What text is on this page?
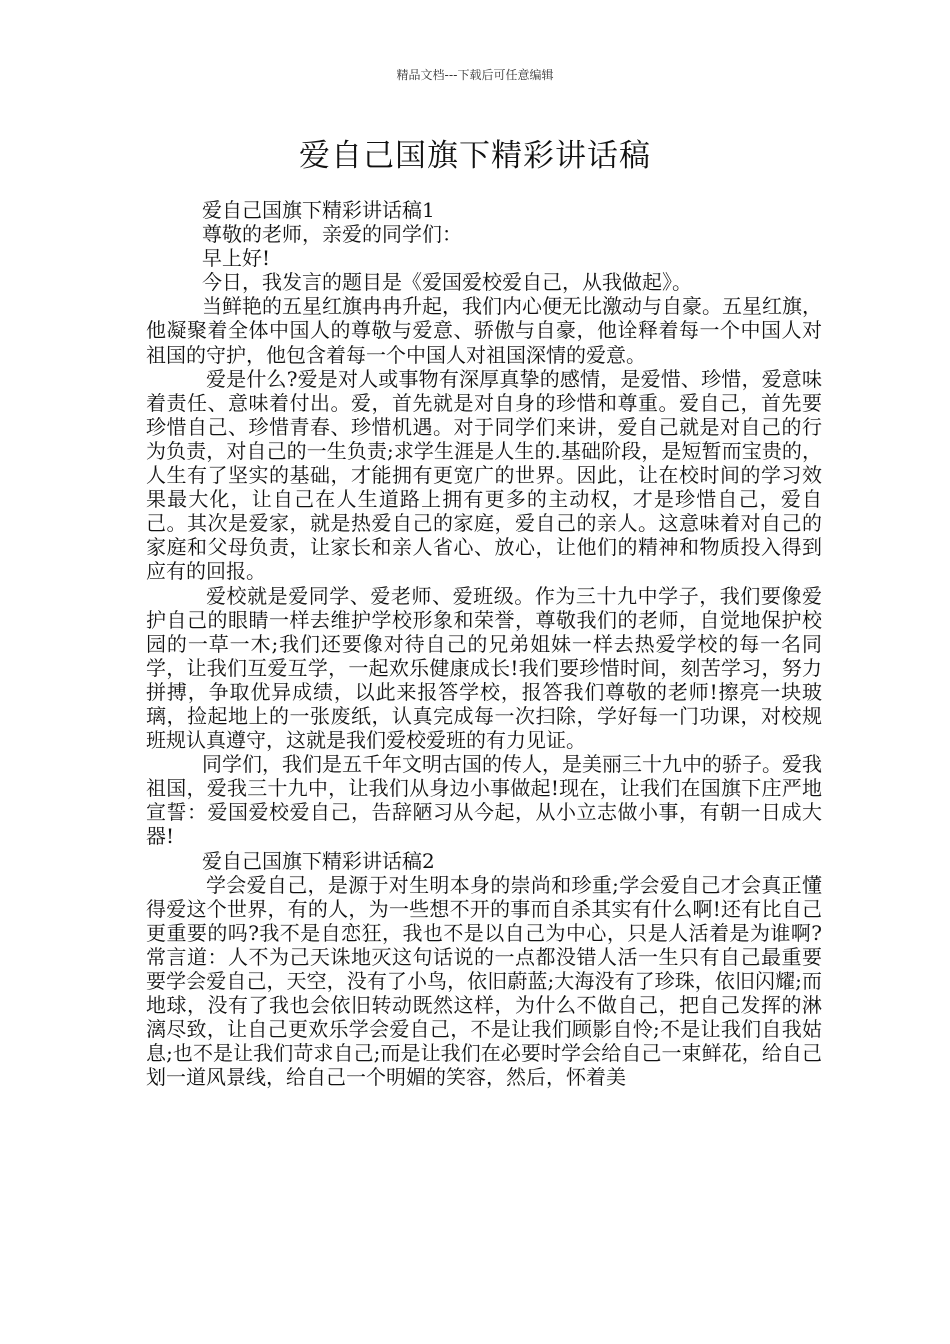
精品文档---下载后可任意编辑
爱自己国旗下精彩讲话稿

爱自己国旗下精彩讲话稿1

尊敬的老师，亲爱的同学们：

早上好!

今日，我发言的题目是《爱国爱校爱自己，从我做起》。

当鲜艳的五星红旗冉冉升起，我们内心便无比激动与自豪。五星红旗，他凝聚着全体中国人的尊敬与爱意、骄傲与自豪，他诠释着每一个中国人对祖国的守护，他包含着每一个中国人对祖国深情的爱意。

爱是什么?爱是对人或事物有深厚真挚的感情，是爱惜、珍惜，爱意味着责任、意味着付出。爱，首先就是对自身的珍惜和尊重。爱自己，首先要珍惜自己、珍惜青春、珍惜机遇。对于同学们来讲，爱自己就是对自己的行为负责，对自己的一生负责;求学生涯是人生的.基础阶段，是短暂而宝贵的，人生有了坚实的基础，才能拥有更宽广的世界。因此，让在校时间的学习效果最大化，让自己在人生道路上拥有更多的主动权，才是珍惜自己，爱自己。其次是爱家，就是热爱自己的家庭，爱自己的亲人。这意味着对自己的家庭和父母负责，让家长和亲人省心、放心，让他们的精神和物质投入得到应有的回报。

爱校就是爱同学、爱老师、爱班级。作为三十九中学子，我们要像爱护自己的眼睛一样去维护学校形象和荣誉，尊敬我们的老师，自觉地保护校园的一草一木;我们还要像对待自己的兄弟姐妹一样去热爱学校的每一名同学，让我们互爱互学，一起欢乐健康成长!我们要珍惜时间，刻苦学习，努力拼搏，争取优异成绩，以此来报答学校，报答我们尊敬的老师!擦亮一块玻璃，捡起地上的一张废纸，认真完成每一次扫除，学好每一门功课，对校规班规认真遵守，这就是我们爱校爱班的有力见证。

同学们，我们是五千年文明古国的传人，是美丽三十九中的骄子。爱我祖国，爱我三十九中，让我们从身边小事做起!现在，让我们在国旗下庄严地宣誓：爱国爱校爱自己，告辞陋习从今起，从小立志做小事，有朝一日成大器!

爱自己国旗下精彩讲话稿2

学会爱自己，是源于对生明本身的崇尚和珍重;学会爱自己才会真正懂得爱这个世界，有的人，为一些想不开的事而自杀其实有什么啊!还有比自己更重要的吗?我不是自恋狂，我也不是以自己为中心，只是人活着是为谁啊?常言道：人不为己天诛地灭这句话说的一点都没错人活一生只有自己最重要要学会爱自己，天空，没有了小鸟，依旧蔚蓝;大海没有了珍珠，依旧闪耀;而地球，没有了我也会依旧转动既然这样，为什么不做自己，把自己发挥的淋漓尽致，让自己更欢乐学会爱自己，不是让我们顾影自怜;不是让我们自我姑息;也不是让我们苛求自己;而是让我们在必要时学会给自己一束鲜花，给自己划一道风景线，给自己一个明媚的笑容，然后，怀着美
